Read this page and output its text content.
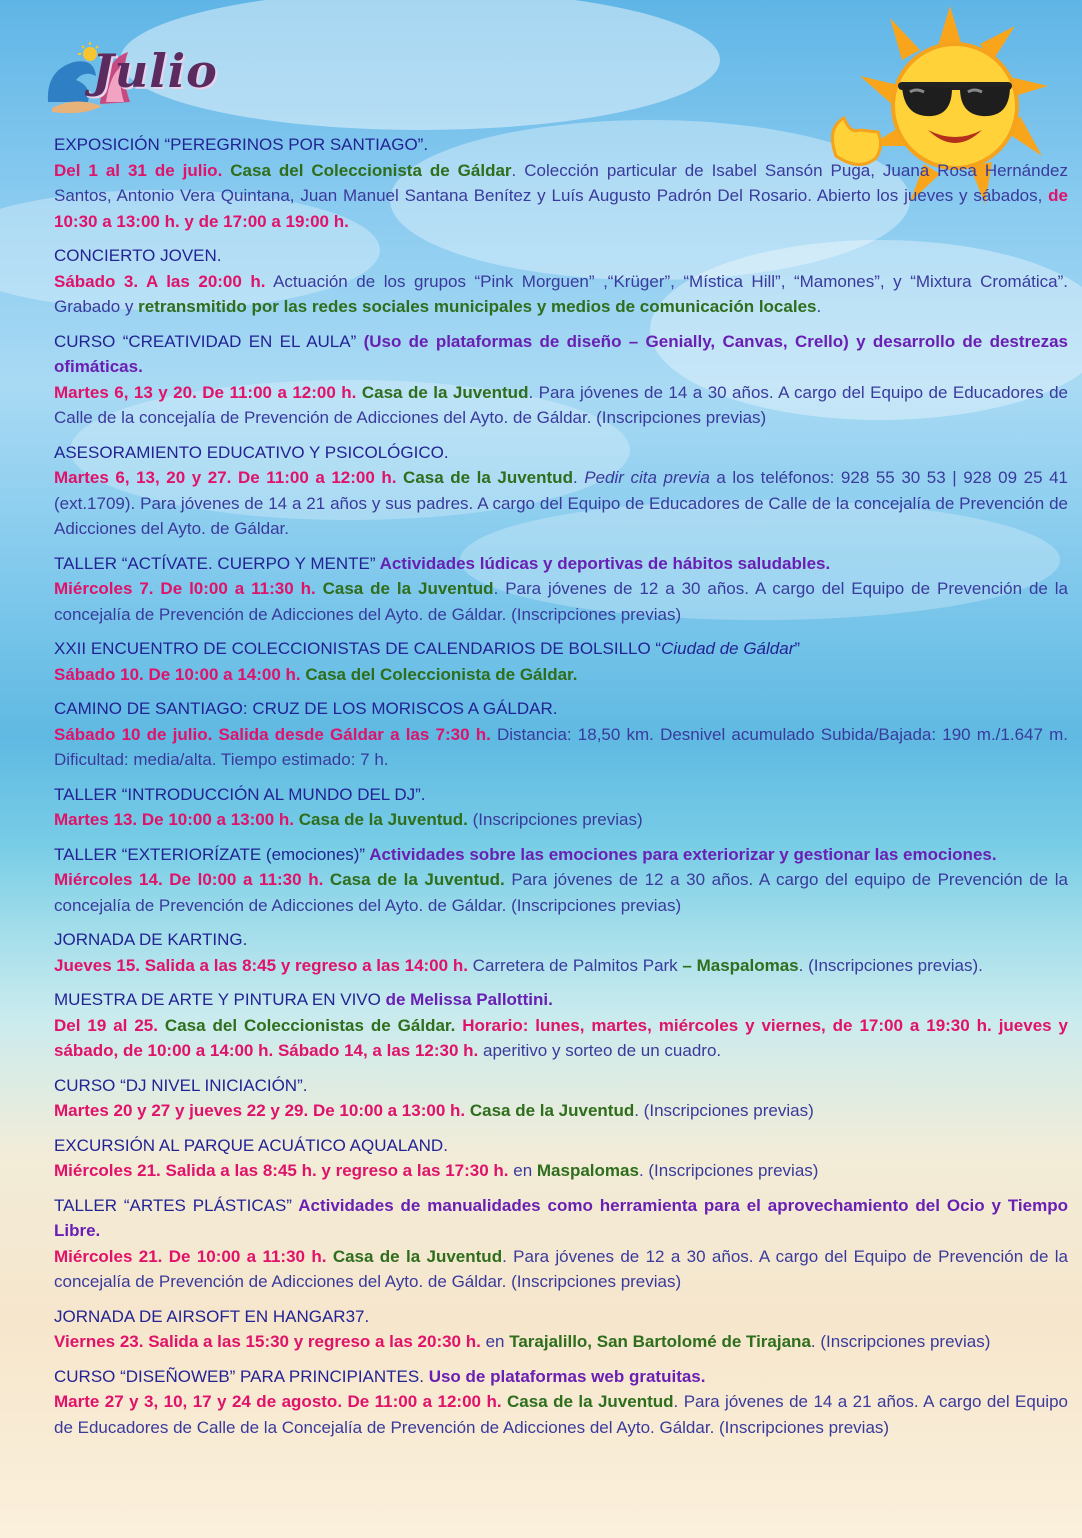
Julio

EXPOSICIÓN “PEREGRINOS POR SANTIAGO”.

Del 1 al 31 de julio. Casa del Coleccionista de Gáldar. Colección particular de Isabel Sansón Puga, Juana Rosa Hernández Santos, Antonio Vera Quintana, Juan Manuel Santana Benítez y Luís Augusto Padrón Del Rosario. Abierto los jueves y sábados, de 10:30 a 13:00 h. y de 17:00 a 19:00 h.

CONCIERTO JOVEN.

Sábado 3. A las 20:00 h. Actuación de los grupos “Pink Morguen” ,“Krüger”, “Mística Hill”, “Mamones”, y “Mixtura Cromática”. Grabado y retransmitido por las redes sociales municipales y medios de comunicación locales.

CURSO “CREATIVIDAD EN EL AULA” (Uso de plataformas de diseño – Genially, Canvas, Crello) y desarrollo de destrezas ofimáticas.

Martes 6, 13 y 20. De 11:00 a 12:00 h. Casa de la Juventud. Para jóvenes de 14 a 30 años. A cargo del Equipo de Educadores de Calle de la concejalía de Prevención de Adicciones del Ayto. de Gáldar. (Inscripciones previas)

ASESORAMIENTO EDUCATIVO Y PSICOLÓGICO.

Martes 6, 13, 20 y 27. De 11:00 a 12:00 h. Casa de la Juventud. Pedir cita previa a los teléfonos: 928 55 30 53 | 928 09 25 41 (ext.1709). Para jóvenes de 14 a 21 años y sus padres. A cargo del Equipo de Educadores de Calle de la concejalía de Prevención de Adicciones del Ayto. de Gáldar.

TALLER “ACTÍVATE. CUERPO Y MENTE” Actividades lúdicas y deportivas de hábitos saludables.

Miércoles 7. De l0:00 a 11:30 h. Casa de la Juventud. Para jóvenes de 12 a 30 años. A cargo del Equipo de Prevención de la concejalía de Prevención de Adicciones del Ayto. de Gáldar. (Inscripciones previas)

XXII ENCUENTRO DE COLECCIONISTAS DE CALENDARIOS DE BOLSILLO “Ciudad de Gáldar”

Sábado 10. De 10:00 a 14:00 h. Casa del Coleccionista de Gáldar.

CAMINO DE SANTIAGO: CRUZ DE LOS MORISCOS A GÁLDAR.

Sábado 10 de julio. Salida desde Gáldar a las 7:30 h. Distancia: 18,50 km. Desnivel acumulado Subida/Bajada: 190 m./1.647 m. Dificultad: media/alta. Tiempo estimado: 7 h.

TALLER “INTRODUCCIÓN AL MUNDO DEL DJ”.

Martes 13. De 10:00 a 13:00 h. Casa de la Juventud. (Inscripciones previas)

TALLER “EXTERIORÍZATE (emociones)” Actividades sobre las emociones para exteriorizar y gestionar las emociones.

Miércoles 14. De l0:00 a 11:30 h. Casa de la Juventud. Para jóvenes de 12 a 30 años. A cargo del equipo de Prevención de la concejalía de Prevención de Adicciones del Ayto. de Gáldar. (Inscripciones previas)

JORNADA DE KARTING.

Jueves 15. Salida a las 8:45 y regreso a las 14:00 h. Carretera de Palmitos Park – Maspalomas. (Inscripciones previas).

MUESTRA DE ARTE Y PINTURA EN VIVO de Melissa Pallottini.

Del 19 al 25. Casa del Coleccionistas de Gáldar. Horario: lunes, martes, miércoles y viernes, de 17:00 a 19:30 h. jueves y sábado, de 10:00 a 14:00 h. Sábado 14, a las 12:30 h. aperitivo y sorteo de un cuadro.

CURSO “DJ NIVEL INICIACIÓN”.

Martes 20 y 27 y jueves 22 y 29. De 10:00 a 13:00 h. Casa de la Juventud. (Inscripciones previas)

EXCURSIÓN AL PARQUE ACUÁTICO AQUALAND.

Miércoles 21. Salida a las 8:45 h. y regreso a las 17:30 h. en Maspalomas. (Inscripciones previas)

TALLER “ARTES PLÁSTICAS” Actividades de manualidades como herramienta para el aprovechamiento del Ocio y Tiempo Libre.

Miércoles 21. De 10:00 a 11:30 h. Casa de la Juventud. Para jóvenes de 12 a 30 años. A cargo del Equipo de Prevención de la concejalía de Prevención de Adicciones del Ayto. de Gáldar. (Inscripciones previas)

JORNADA DE AIRSOFT EN HANGAR37.

Viernes 23. Salida a las 15:30 y regreso a las 20:30 h. en Tarajalillo, San Bartolomé de Tirajana. (Inscripciones previas)

CURSO “DISEÑOWEB” PARA PRINCIPIANTES. Uso de plataformas web gratuitas.

Marte 27 y 3, 10, 17 y 24 de agosto. De 11:00 a 12:00 h. Casa de la Juventud. Para jóvenes de 14 a 21 años. A cargo del Equipo de Educadores de Calle de la Concejalía de Prevención de Adicciones del Ayto. Gáldar. (Inscripciones previas)
